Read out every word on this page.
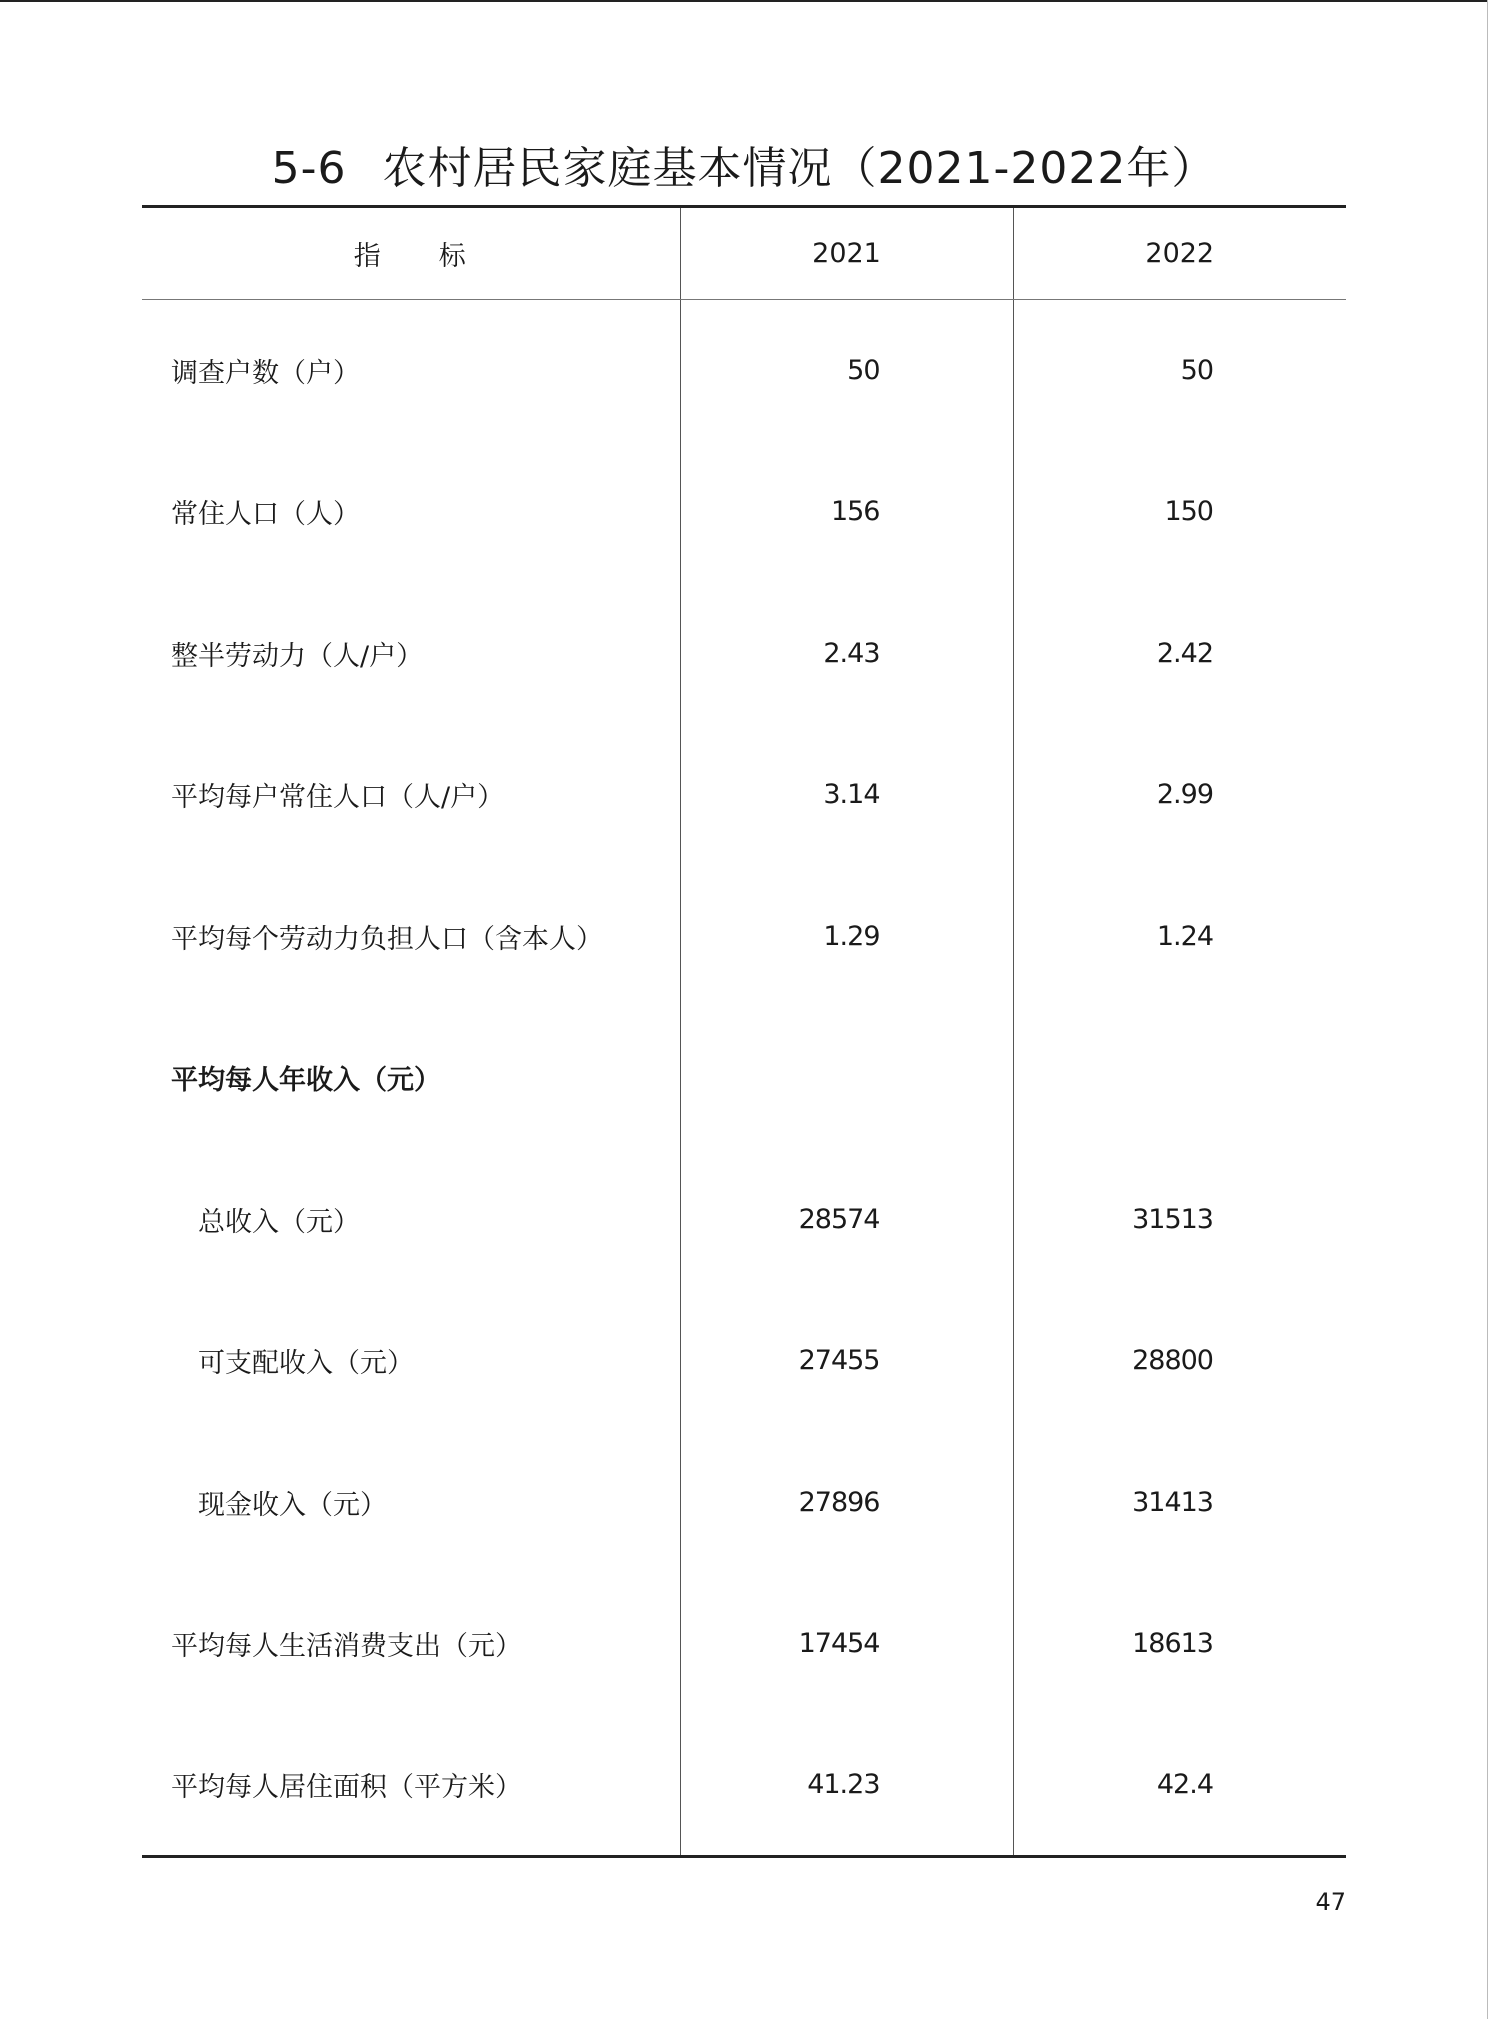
5-6 农村居民家庭基本情况（2021-2022年）
指 标	2021	2022
调查户数（户）	50	50
常住人口（人）	156	150
整半劳动力（人/户）	2.43	2.42
平均每户常住人口（人/户）	3.14	2.99
平均每个劳动力负担人口（含本人）	1.29	1.24
平均每人年收入（元）		
总收入（元）	28574	31513
可支配收入（元）	27455	28800
现金收入（元）	27896	31413
平均每人生活消费支出（元）	17454	18613
平均每人居住面积（平方米）	41.23	42.4
47
